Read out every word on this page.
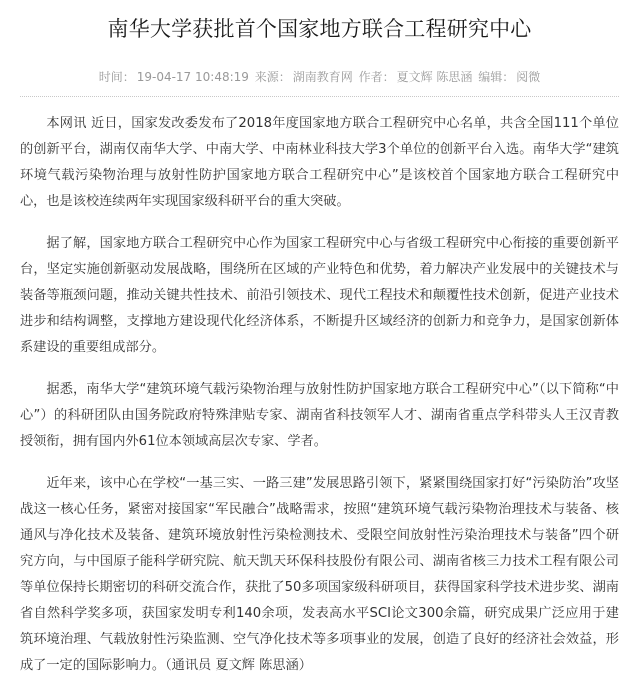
南华大学获批首个国家地方联合工程研究中心
时间： 19-04-17 10:48:19 来源： 湖南教育网 作者： 夏文辉 陈思涵 编辑： 阅微

本网讯 近日，国家发改委发布了2018年度国家地方联合工程研究中心名单，共含全国111个单位的创新平台，湖南仅南华大学、中南大学、中南林业科技大学3个单位的创新平台入选。南华大学“建筑环境气载污染物治理与放射性防护国家地方联合工程研究中心”是该校首个国家地方联合工程研究中心，也是该校连续两年实现国家级科研平台的重大突破。

据了解，国家地方联合工程研究中心作为国家工程研究中心与省级工程研究中心衔接的重要创新平台，坚定实施创新驱动发展战略，围绕所在区域的产业特色和优势，着力解决产业发展中的关键技术与装备等瓶颈问题，推动关键共性技术、前沿引领技术、现代工程技术和颠覆性技术创新，促进产业技术进步和结构调整，支撑地方建设现代化经济体系，不断提升区域经济的创新力和竞争力，是国家创新体系建设的重要组成部分。

据悉，南华大学“建筑环境气载污染物治理与放射性防护国家地方联合工程研究中心”（以下简称“中心”）的科研团队由国务院政府特殊津贴专家、湖南省科技领军人才、湖南省重点学科带头人王汉青教授领衔，拥有国内外61位本领域高层次专家、学者。

近年来，该中心在学校“一基三实、一路三建”发展思路引领下，紧紧围绕国家打好“污染防治”攻坚战这一核心任务，紧密对接国家“军民融合”战略需求，按照“建筑环境气载污染物治理技术与装备、核通风与净化技术及装备、建筑环境放射性污染检测技术、受限空间放射性污染治理技术与装备”四个研究方向，与中国原子能科学研究院、航天凯天环保科技股份有限公司、湖南省核三力技术工程有限公司等单位保持长期密切的科研交流合作，获批了50多项国家级科研项目，获得国家科学技术进步奖、湖南省自然科学奖多项，获国家发明专利140余项，发表高水平SCI论文300余篇，研究成果广泛应用于建筑环境治理、气载放射性污染监测、空气净化技术等多项事业的发展，创造了良好的经济社会效益，形成了一定的国际影响力。（通讯员 夏文辉 陈思涵）
